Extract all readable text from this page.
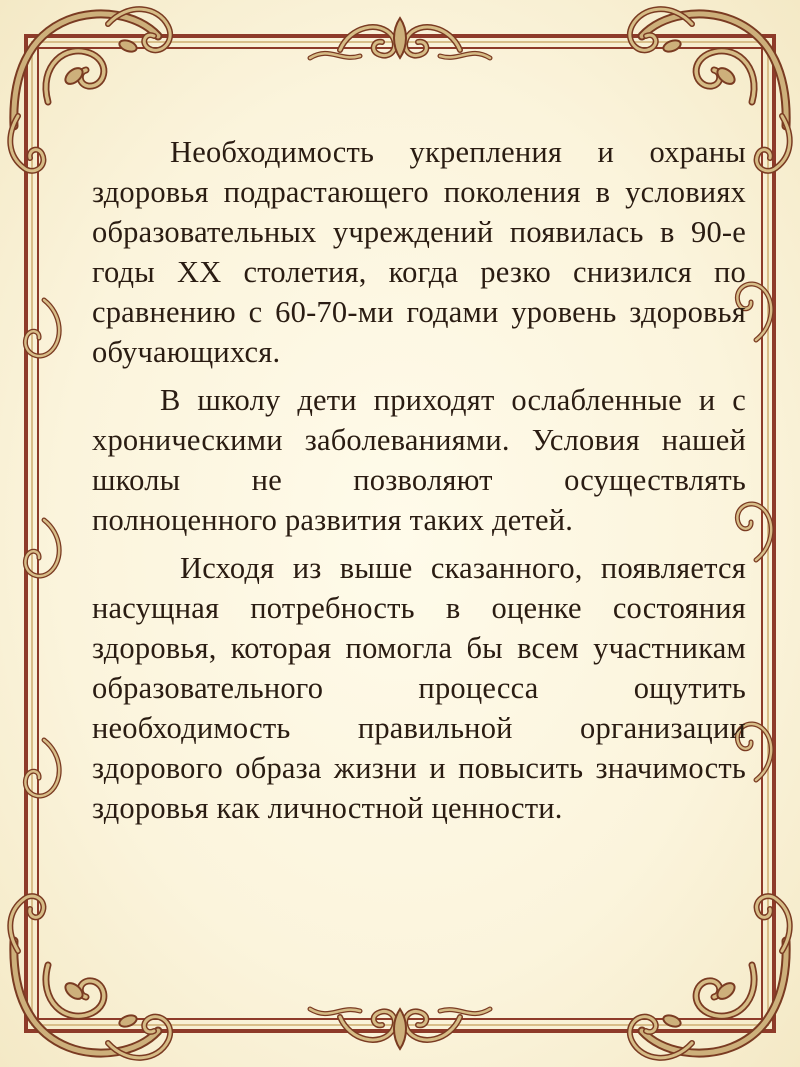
Необходимость укрепления и охраны здоровья подрастающего поколения в условиях образовательных учреждений появилась в 90-е годы XX столетия, когда резко снизился по сравнению с 60-70-ми годами уровень здоровья обучающихся.

В школу дети приходят ослабленные и с хроническими заболеваниями. Условия нашей школы не позволяют осуществлять полноценного развития таких детей.

Исходя из выше сказанного, появляется насущная потребность в оценке состояния здоровья, которая помогла бы всем участникам образовательного процесса ощутить необходимость правильной организации здорового образа жизни и повысить значимость здоровья как личностной ценности.
